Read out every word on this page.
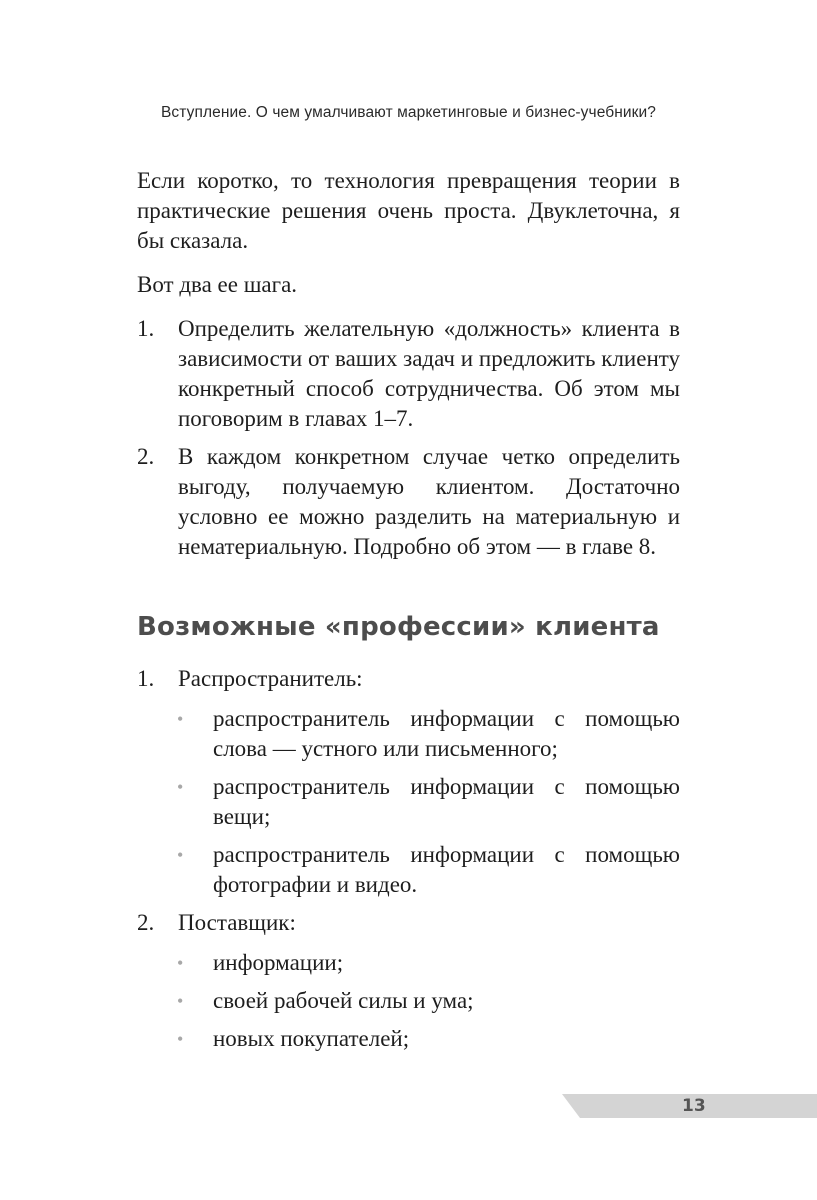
Вступление. О чем умалчивают маркетинговые и бизнес-учебники?

Если коротко, то технология превращения теории в практические решения очень проста. Двуклеточна, я бы сказала.

Вот два ее шага.

1.	Определить желательную «должность» клиента в зависимости от ваших задач и предложить клиенту конкретный способ сотрудничества. Об этом мы поговорим в главах 1–7.
2.	В каждом конкретном случае четко определить выгоду, получаемую клиентом. Достаточно условно ее можно разделить на материальную и нематериальную. Подробно об этом — в главе 8.
Возможные «профессии» клиента
1.	Распространитель:
•	распространитель информации с помощью слова — устного или письменного;
•	распространитель информации с помощью вещи;
•	распространитель информации с помощью фотографии и видео.
2.	Поставщик:
•	информации;
•	своей рабочей силы и ума;
•	новых покупателей;
13
